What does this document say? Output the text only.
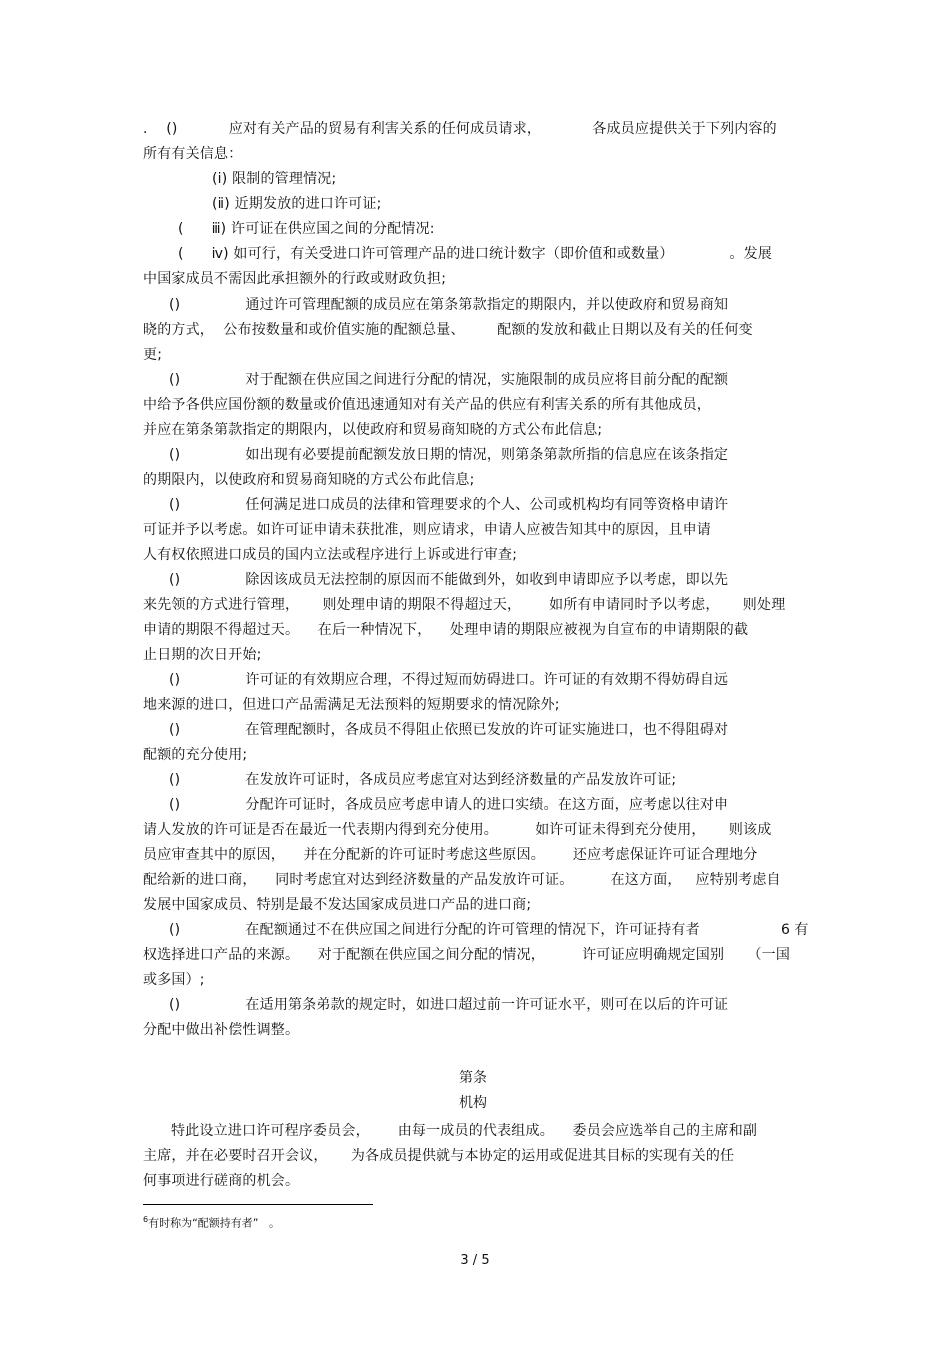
.    ()           应对有关产品的贸易有利害关系的任何成员请求，           各成员应提供关于下列内容的
所有有关信息：
(ⅰ) 限制的管理情况;
(ⅱ) 近期发放的进口许可证;
(      ⅲ) 许可证在供应国之间的分配情况:
(      ⅳ) 如可行，有关受进口许可管理产品的进口统计数字（即价值和或数量）            。发展
中国家成员不需因此承担额外的行政或财政负担;
()              通过许可管理配额的成员应在第条第款指定的期限内，并以使政府和贸易商知
晓的方式，  公布按数量和或价值实施的配额总量、       配额的发放和截止日期以及有关的任何变
更;
()              对于配额在供应国之间进行分配的情况，实施限制的成员应将目前分配的配额
中给予各供应国份额的数量或价值迅速通知对有关产品的供应有利害关系的所有其他成员，
并应在第条第款指定的期限内，以使政府和贸易商知晓的方式公布此信息;
()              如出现有必要提前配额发放日期的情况，则第条第款所指的信息应在该条指定
的期限内，以使政府和贸易商知晓的方式公布此信息;
()              任何满足进口成员的法律和管理要求的个人、公司或机构均有同等资格申请许
可证并予以考虑。如许可证申请未获批准，则应请求，申请人应被告知其中的原因，且申请
人有权依照进口成员的国内立法或程序进行上诉或进行审查;
()              除因该成员无法控制的原因而不能做到外，如收到申请即应予以考虑，即以先
来先领的方式进行管理，     则处理申请的期限不得超过天，      如所有申请同时予以考虑，     则处理
申请的期限不得超过天。    在后一种情况下，    处理申请的期限应被视为自宣布的申请期限的截
止日期的次日开始;
()              许可证的有效期应合理，不得过短而妨碍进口。许可证的有效期不得妨碍自远
地来源的进口，但进口产品需满足无法预料的短期要求的情况除外;
()              在管理配额时，各成员不得阻止依照已发放的许可证实施进口，也不得阻碍对
配额的充分使用;
()              在发放许可证时，各成员应考虑宜对达到经济数量的产品发放许可证;
()              分配许可证时，各成员应考虑申请人的进口实绩。在这方面，应考虑以往对申
请人发放的许可证是否在最近一代表期内得到充分使用。        如许可证未得到充分使用，     则该成
员应审查其中的原因，    并在分配新的许可证时考虑这些原因。      还应考虑保证许可证合理地分
配给新的进口商，    同时考虑宜对达到经济数量的产品发放许可证。        在这方面，   应特别考虑自
发展中国家成员、特别是最不发达国家成员进口产品的进口商;
()              在配额通过不在供应国之间进行分配的许可管理的情况下，许可证持有者
权选择进口产品的来源。    对于配额在供应国之间分配的情况，        许可证应明确规定国别     （一国
或多国）;
()              在适用第条弟款的规定时，如进口超过前一许可证水平，则可在以后的许可证
分配中做出补偿性调整。
特此设立进口许可程序委员会，      由每一成员的代表组成。    委员会应选举自己的主席和副
主席，并在必要时召开会议，     为各成员提供就与本协定的运用或促进其目标的实现有关的任
何事项进行磋商的机会。
6 有
第条
机构
$^6$有时称为“配额持有者”   。
3 / 5
